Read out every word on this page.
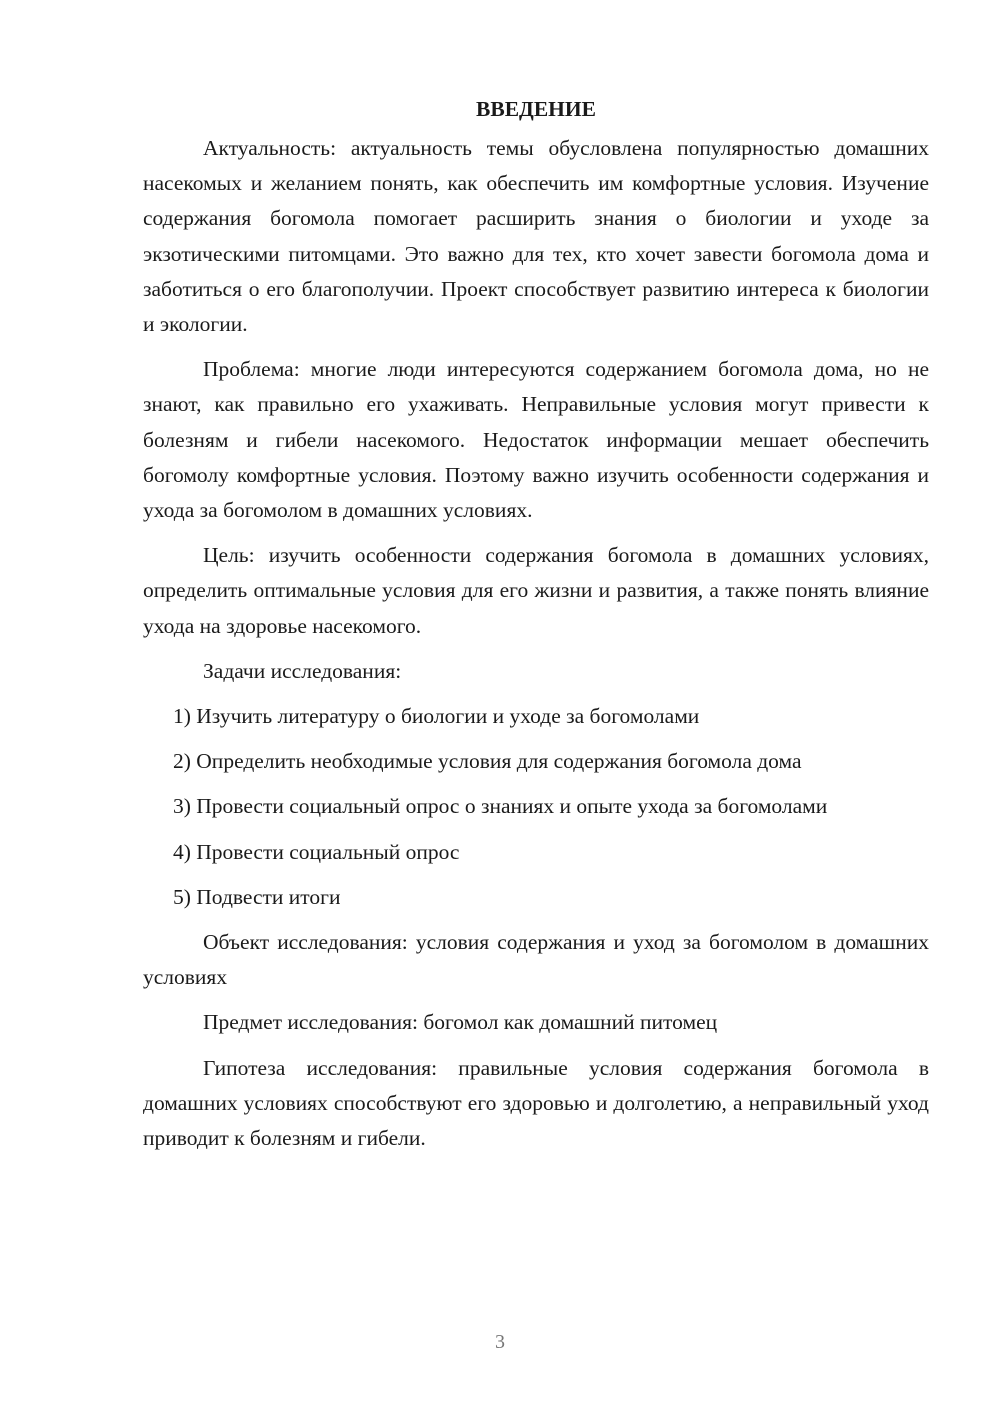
ВВЕДЕНИЕ

Актуальность: актуальность темы обусловлена популярностью домашних насекомых и желанием понять, как обеспечить им комфортные условия. Изучение содержания богомола помогает расширить знания о биологии и уходе за экзотическими питомцами. Это важно для тех, кто хочет завести богомола дома и заботиться о его благополучии. Проект способствует развитию интереса к биологии и экологии.

Проблема: многие люди интересуются содержанием богомола дома, но не знают, как правильно его ухаживать. Неправильные условия могут привести к болезням и гибели насекомого. Недостаток информации мешает обеспечить богомолу комфортные условия. Поэтому важно изучить особенности содержания и ухода за богомолом в домашних условиях.

Цель: изучить особенности содержания богомола в домашних условиях, определить оптимальные условия для его жизни и развития, а также понять влияние ухода на здоровье насекомого.

Задачи исследования:

1) Изучить литературу о биологии и уходе за богомолами

2) Определить необходимые условия для содержания богомола дома

3) Провести социальный опрос о знаниях и опыте ухода за богомолами

4) Провести социальный опрос

5) Подвести итоги

Объект исследования: условия содержания и уход за богомолом в домашних условиях

Предмет исследования: богомол как домашний питомец

Гипотеза исследования: правильные условия содержания богомола в домашних условиях способствуют его здоровью и долголетию, а неправильный уход приводит к болезням и гибели.

3
